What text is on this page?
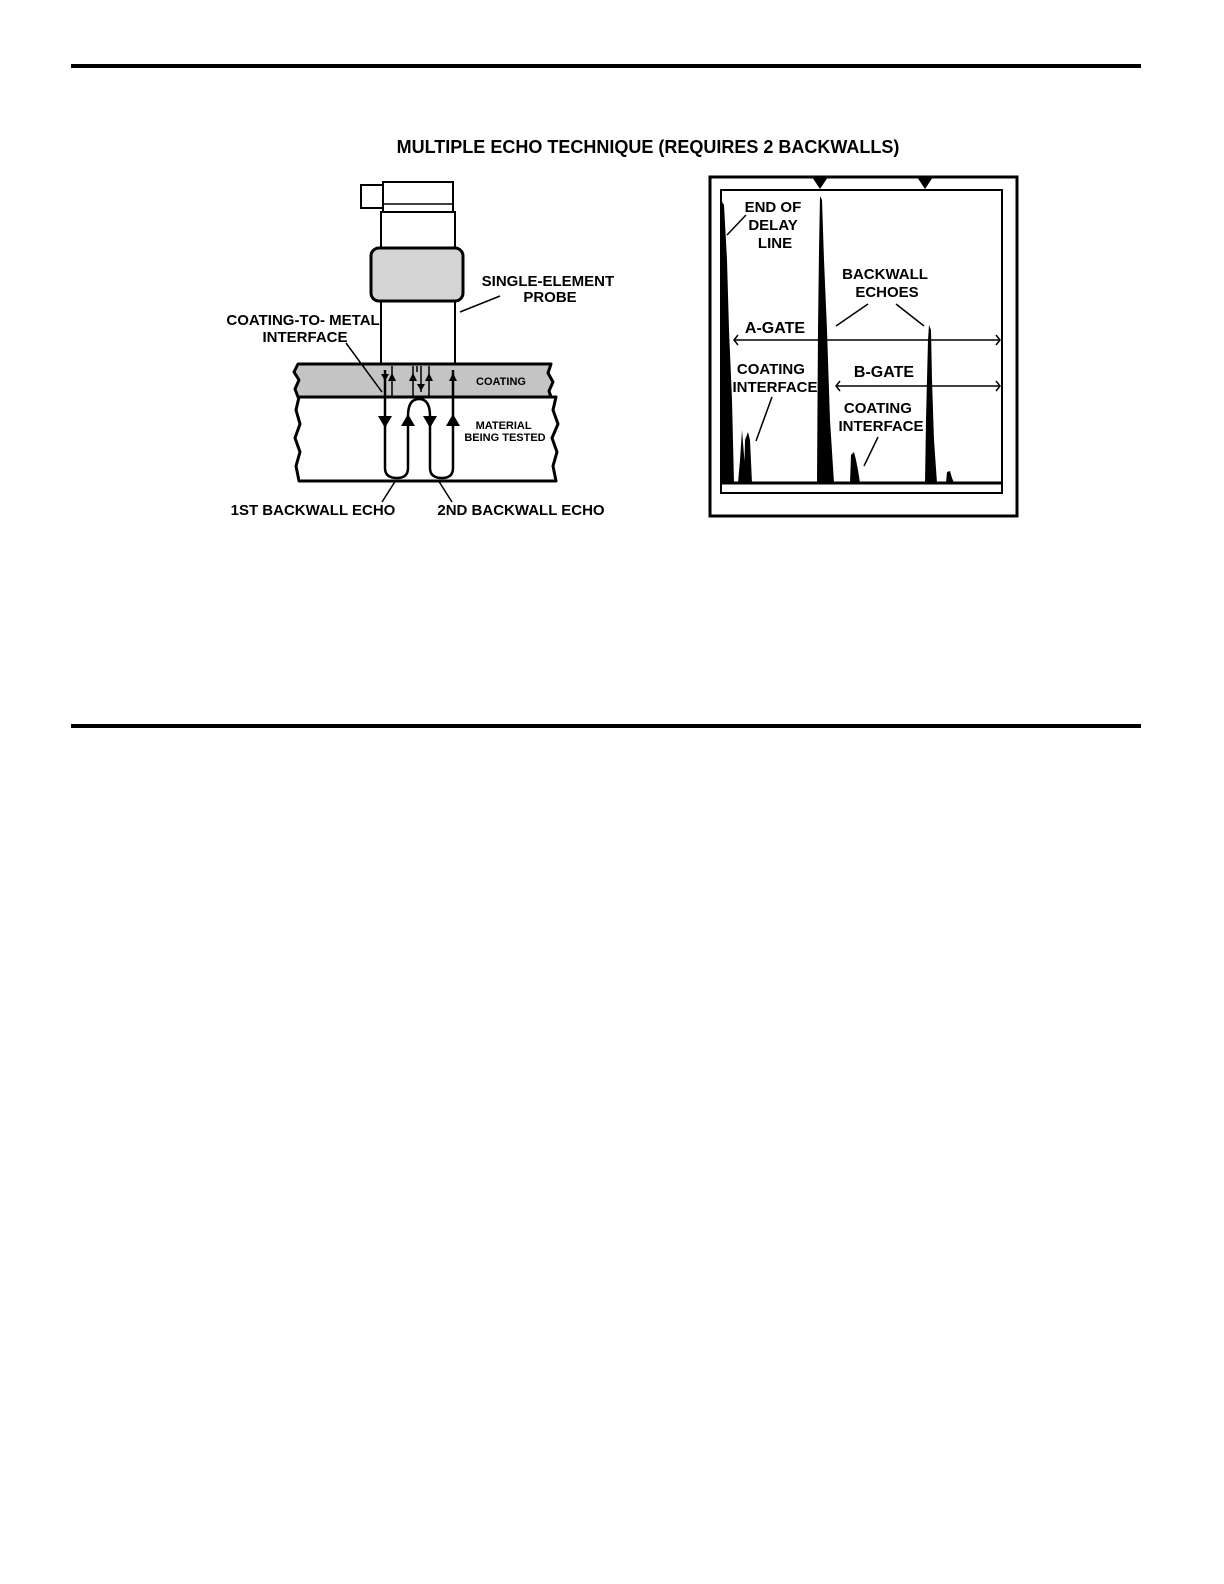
MULTIPLE ECHO TECHNIQUE (REQUIRES 2 BACKWALLS)
SINGLE-ELEMENT PROBE
COATING-TO- METAL INTERFACE
COATING
MATERIAL BEING TESTED
1ST BACKWALL ECHO	2ND BACKWALL ECHO
END OF DELAY LINE
BACKWALL ECHOES
A-GATE
B-GATE
COATING INTERFACE
COATING INTERFACE
